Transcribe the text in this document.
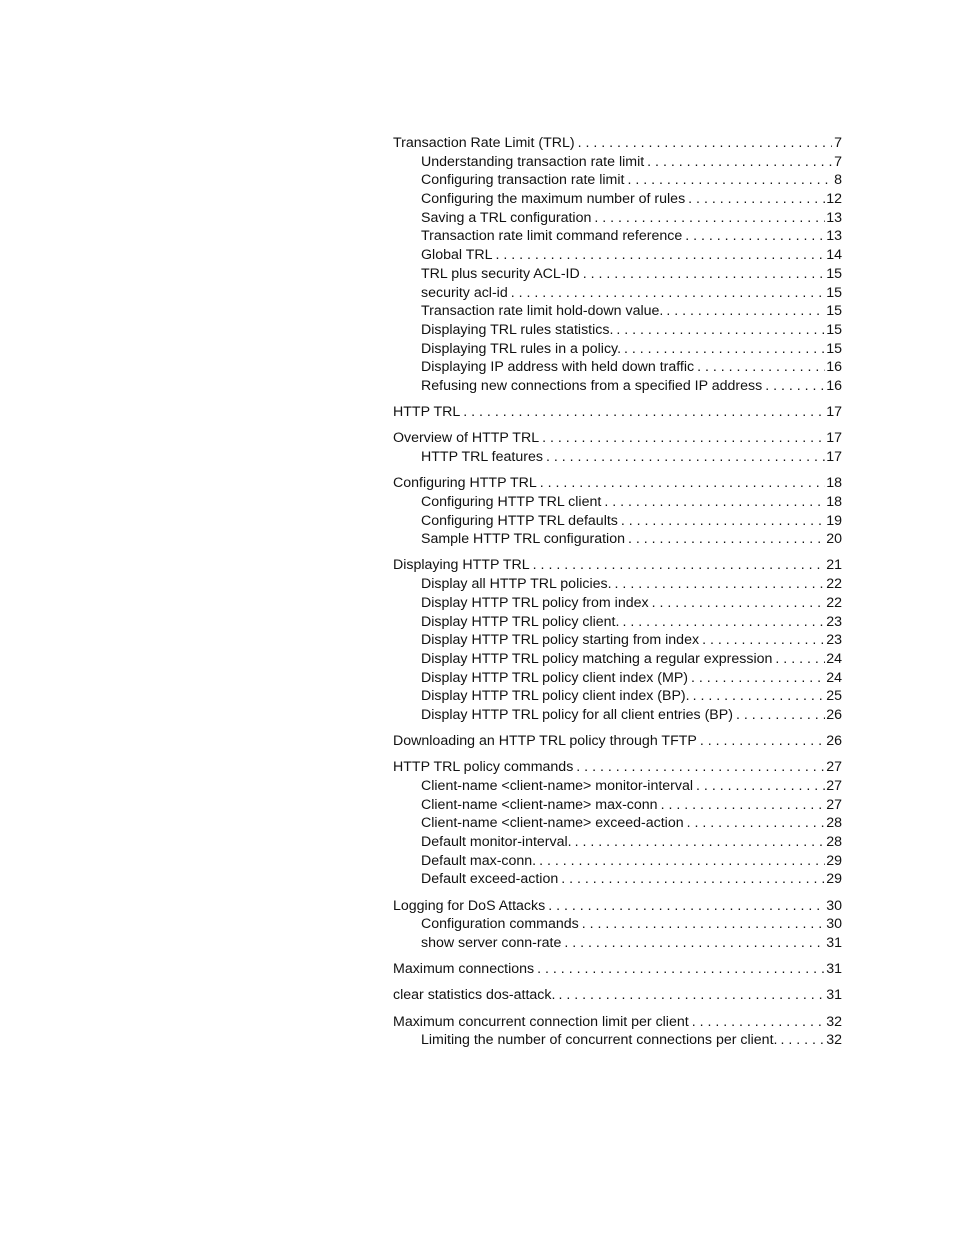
Transaction Rate Limit (TRL) . . .	7
Understanding transaction rate limit . . .	7
Configuring transaction rate limit . . .	8
Configuring the maximum number of rules . . .	12
Saving a TRL configuration . . .	13
Transaction rate limit command reference . . .	13
Global TRL . . .	14
TRL plus security ACL-ID . . .	15
security acl-id . . .	15
Transaction rate limit hold-down value. . . .	15
Displaying TRL rules statistics. . . .	15
Displaying TRL rules in a policy. . . .	15
Displaying IP address with held down traffic . . .	16
Refusing new connections from a specified IP address . . .	16
HTTP TRL . . .	17
Overview of HTTP TRL . . .	17
HTTP TRL features . . .	17
Configuring HTTP TRL . . .	18
Configuring HTTP TRL client . . .	18
Configuring HTTP TRL defaults . . .	19
Sample HTTP TRL configuration . . .	20
Displaying HTTP TRL . . .	21
Display all HTTP TRL policies. . . .	22
Display HTTP TRL policy from index . . .	22
Display HTTP TRL policy client. . . .	23
Display HTTP TRL policy starting from index . . .	23
Display HTTP TRL policy matching a regular expression . . .	24
Display HTTP TRL policy client index (MP) . . .	24
Display HTTP TRL policy client index (BP). . . .	25
Display HTTP TRL policy for all client entries (BP) . . .	26
Downloading an HTTP TRL policy through TFTP . . .	26
HTTP TRL policy commands . . .	27
Client-name <client-name> monitor-interval . . .	27
Client-name <client-name> max-conn . . .	27
Client-name <client-name> exceed-action . . .	28
Default monitor-interval. . . .	28
Default max-conn. . . .	29
Default exceed-action . . .	29
Logging for DoS Attacks . . .	30
Configuration commands . . .	30
show server conn-rate . . .	31
Maximum connections . . .	31
clear statistics dos-attack. . . .	31
Maximum concurrent connection limit per client . . .	32
Limiting the number of concurrent connections per client. . . .	32
